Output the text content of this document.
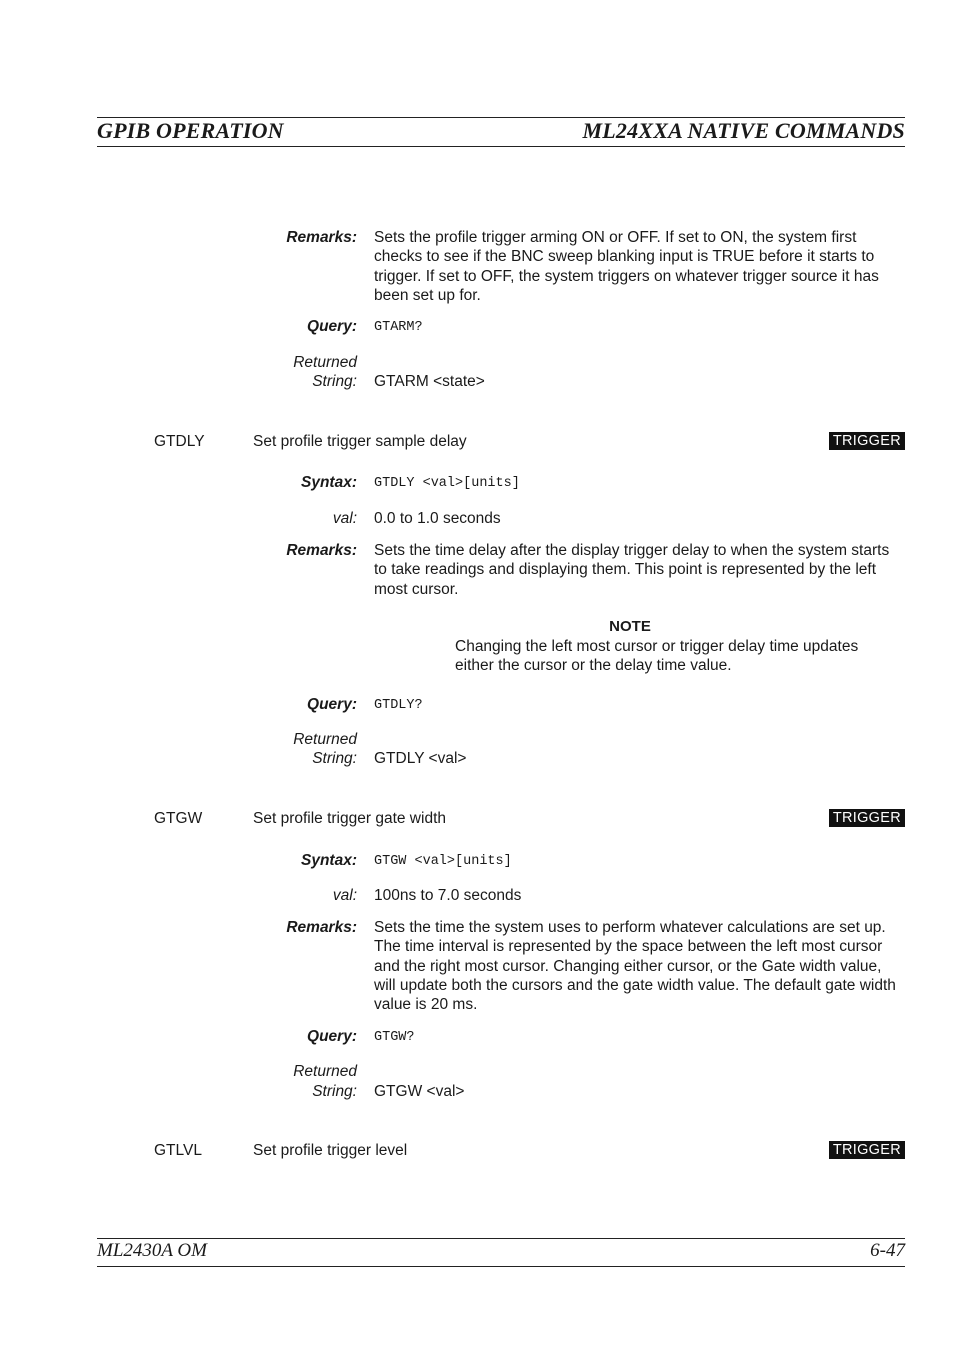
GPIB OPERATION	ML24XXA NATIVE COMMANDS
Remarks: Sets the profile trigger arming ON or OFF. If set to ON, the system first checks to see if the BNC sweep blanking input is TRUE before it starts to trigger. If set to OFF, the system triggers on whatever trigger source it has been set up for.
Query: GTARM?
Returned
String: GTARM <state>
GTDLY	Set profile trigger sample delay	TRIGGER
Syntax: GTDLY <val>[units]
val: 0.0 to 1.0 seconds
Remarks: Sets the time delay after the display trigger delay to when the system starts to take readings and displaying them. This point is represented by the left most cursor.
NOTE
Changing the left most cursor or trigger delay time updates either the cursor or the delay time value.
Query: GTDLY?
Returned
String: GTDLY <val>
GTGW	Set profile trigger gate width	TRIGGER
Syntax: GTGW <val>[units]
val: 100ns to 7.0 seconds
Remarks: Sets the time the system uses to perform whatever calculations are set up. The time interval is represented by the space between the left most cursor and the right most cursor. Changing either cursor, or the Gate width value, will update both the cursors and the gate width value. The default gate width value is 20 ms.
Query: GTGW?
Returned
String: GTGW <val>
GTLVL	Set profile trigger level	TRIGGER
ML2430A OM	6-47
